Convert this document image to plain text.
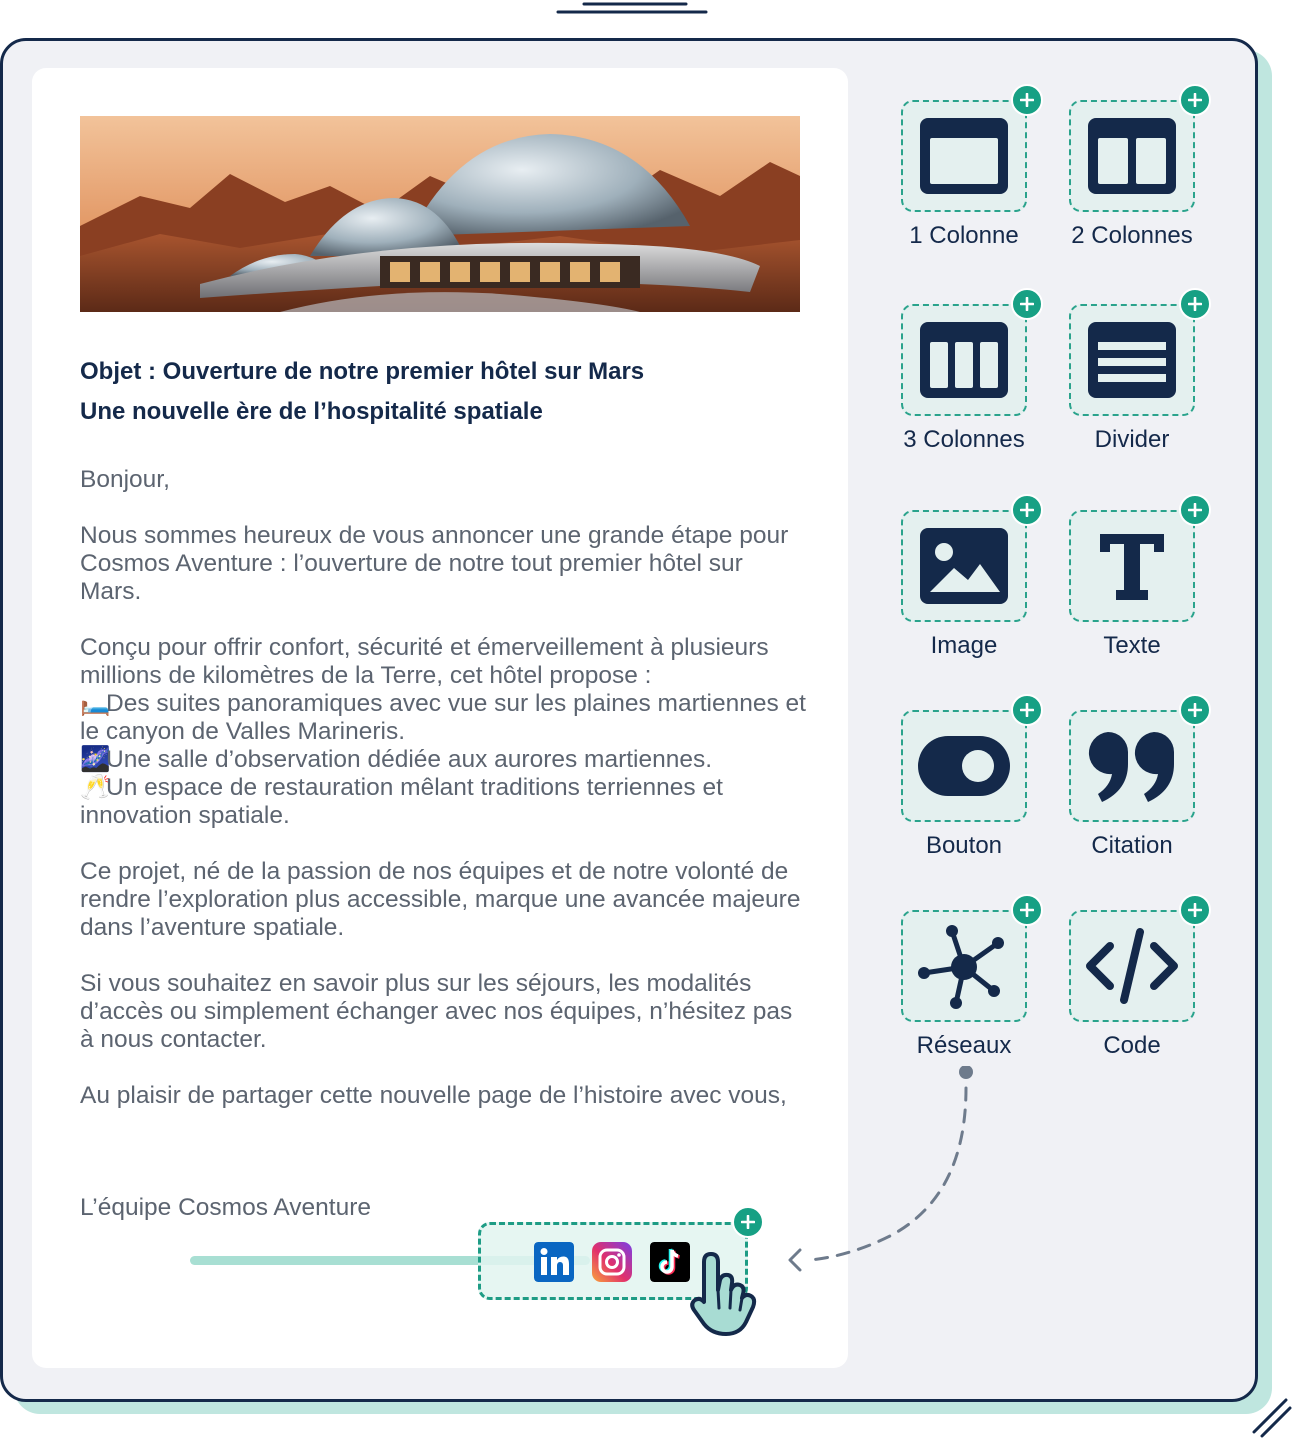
Objet : Ouverture de notre premier hôtel sur Mars
Une nouvelle ère de l’hospitalité spatiale

Bonjour,

Nous sommes heureux de vous annoncer une grande étape pour Cosmos Aventure : l’ouverture de notre tout premier hôtel sur Mars.

Conçu pour offrir confort, sécurité et émerveillement à plusieurs millions de kilomètres de la Terre, cet hôtel propose :
🛏️Des suites panoramiques avec vue sur les plaines martiennes et le canyon de Valles Marineris.
🌌Une salle d’observation dédiée aux aurores martiennes.
🥂Un espace de restauration mêlant traditions terriennes et innovation spatiale.

Ce projet, né de la passion de nos équipes et de notre volonté de rendre l’exploration plus accessible, marque une avancée majeure dans l’aventure spatiale.

Si vous souhaitez en savoir plus sur les séjours, les modalités d’accès ou simplement échanger avec nos équipes, n’hésitez pas à nous contacter.

Au plaisir de partager cette nouvelle page de l’histoire avec vous,

L’équipe Cosmos Aventure
1 Colonne	2 Colonnes
3 Colonnes	Divider
Image	Texte
Bouton	Citation
Réseaux	Code
